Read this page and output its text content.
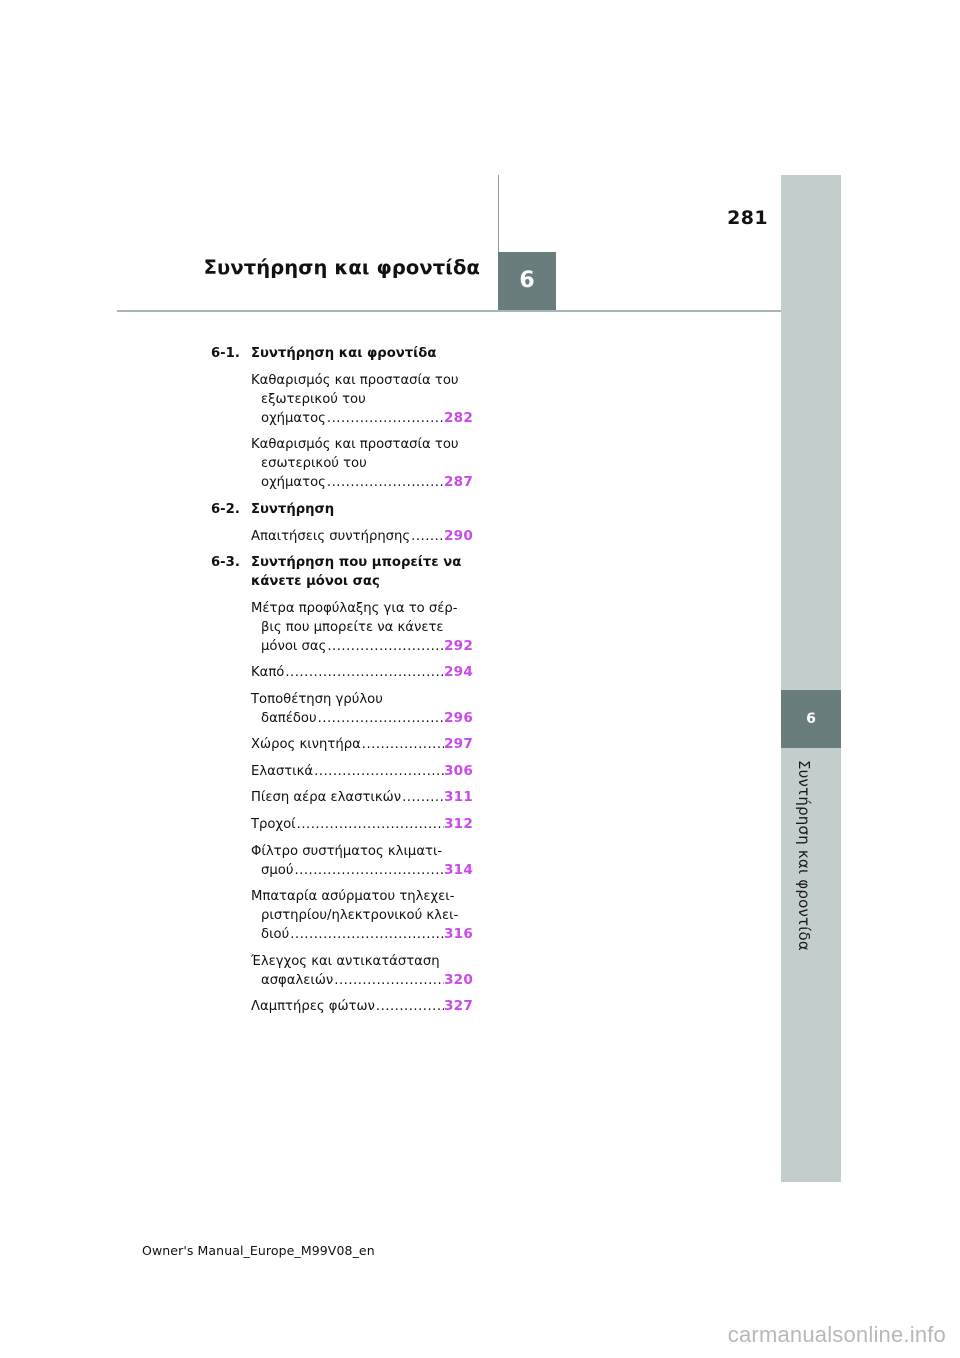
6
Συντήρηση και φροντίδα
281
Συντήρηση και φροντίδα
6
6-1. Συντήρηση και φροντίδα
Καθαρισμός και προστασία του
εξωτερικού του
οχήματος .....	282
Καθαρισμός και προστασία του
εσωτερικού του
οχήματος .....	287
6-2. Συντήρηση
Απαιτήσεις συντήρησης ..... 290
6-3. Συντήρηση που μπορείτε να κάνετε μόνοι σας
Μέτρα προφύλαξης για το σέρ-
βις που μπορείτε να κάνετε
μόνοι σας .....	292
Καπό .....	294
Τοποθέτηση γρύλου
δαπέδου .....	296
Χώρος κινητήρα .....	297
Ελαστικά .....	306
Πίεση αέρα ελαστικών .....	311
Τροχοί .....	312
Φίλτρο συστήματος κλιματι-
σμού .....	314
Μπαταρία ασύρματου τηλεχει-
ριστηρίου/ηλεκτρονικού κλει-
διού .....	316
Έλεγχος και αντικατάσταση
ασφαλειών .....	320
Λαμπτήρες φώτων .....	327
Owner's Manual_Europe_M99V08_en
carmanualsonline.info
